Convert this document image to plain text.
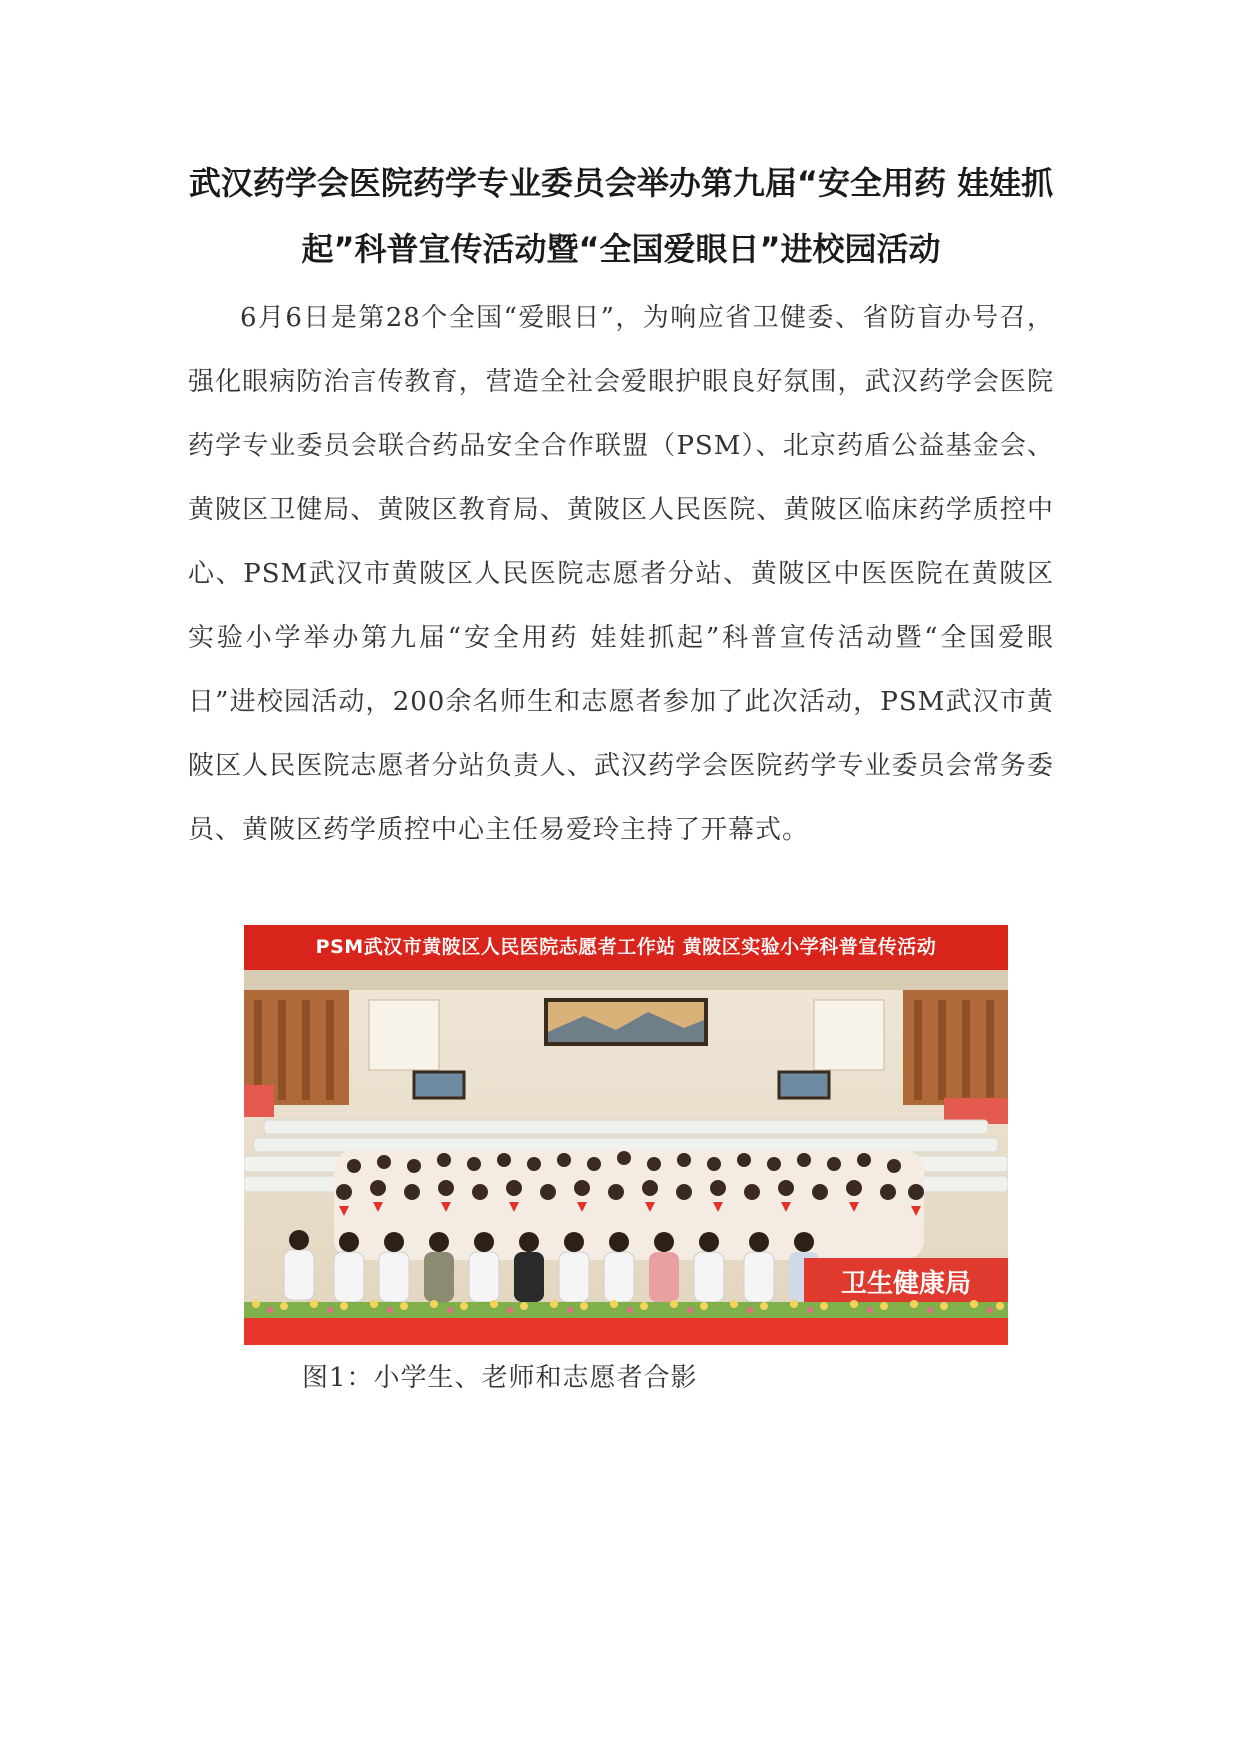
武汉药学会医院药学专业委员会举办第九届“安全用药 娃娃抓起”科普宣传活动暨“全国爱眼日”进校园活动

6月6日是第28个全国“爱眼日”，为响应省卫健委、省防盲办号召，强化眼病防治言传教育，营造全社会爱眼护眼良好氛围，武汉药学会医院药学专业委员会联合药品安全合作联盟（PSM）、北京药盾公益基金会、黄陂区卫健局、黄陂区教育局、黄陂区人民医院、黄陂区临床药学质控中心、PSM武汉市黄陂区人民医院志愿者分站、黄陂区中医医院在黄陂区实验小学举办第九届“安全用药 娃娃抓起”科普宣传活动暨“全国爱眼日”进校园活动，200余名师生和志愿者参加了此次活动，PSM武汉市黄陂区人民医院志愿者分站负责人、武汉药学会医院药学专业委员会常务委员、黄陂区药学质控中心主任易爱玲主持了开幕式。

PSM武汉市黄陂区人民医院志愿者工作站 黄陂区实验小学科普宣传活动
卫生健康局
图1：小学生、老师和志愿者合影
